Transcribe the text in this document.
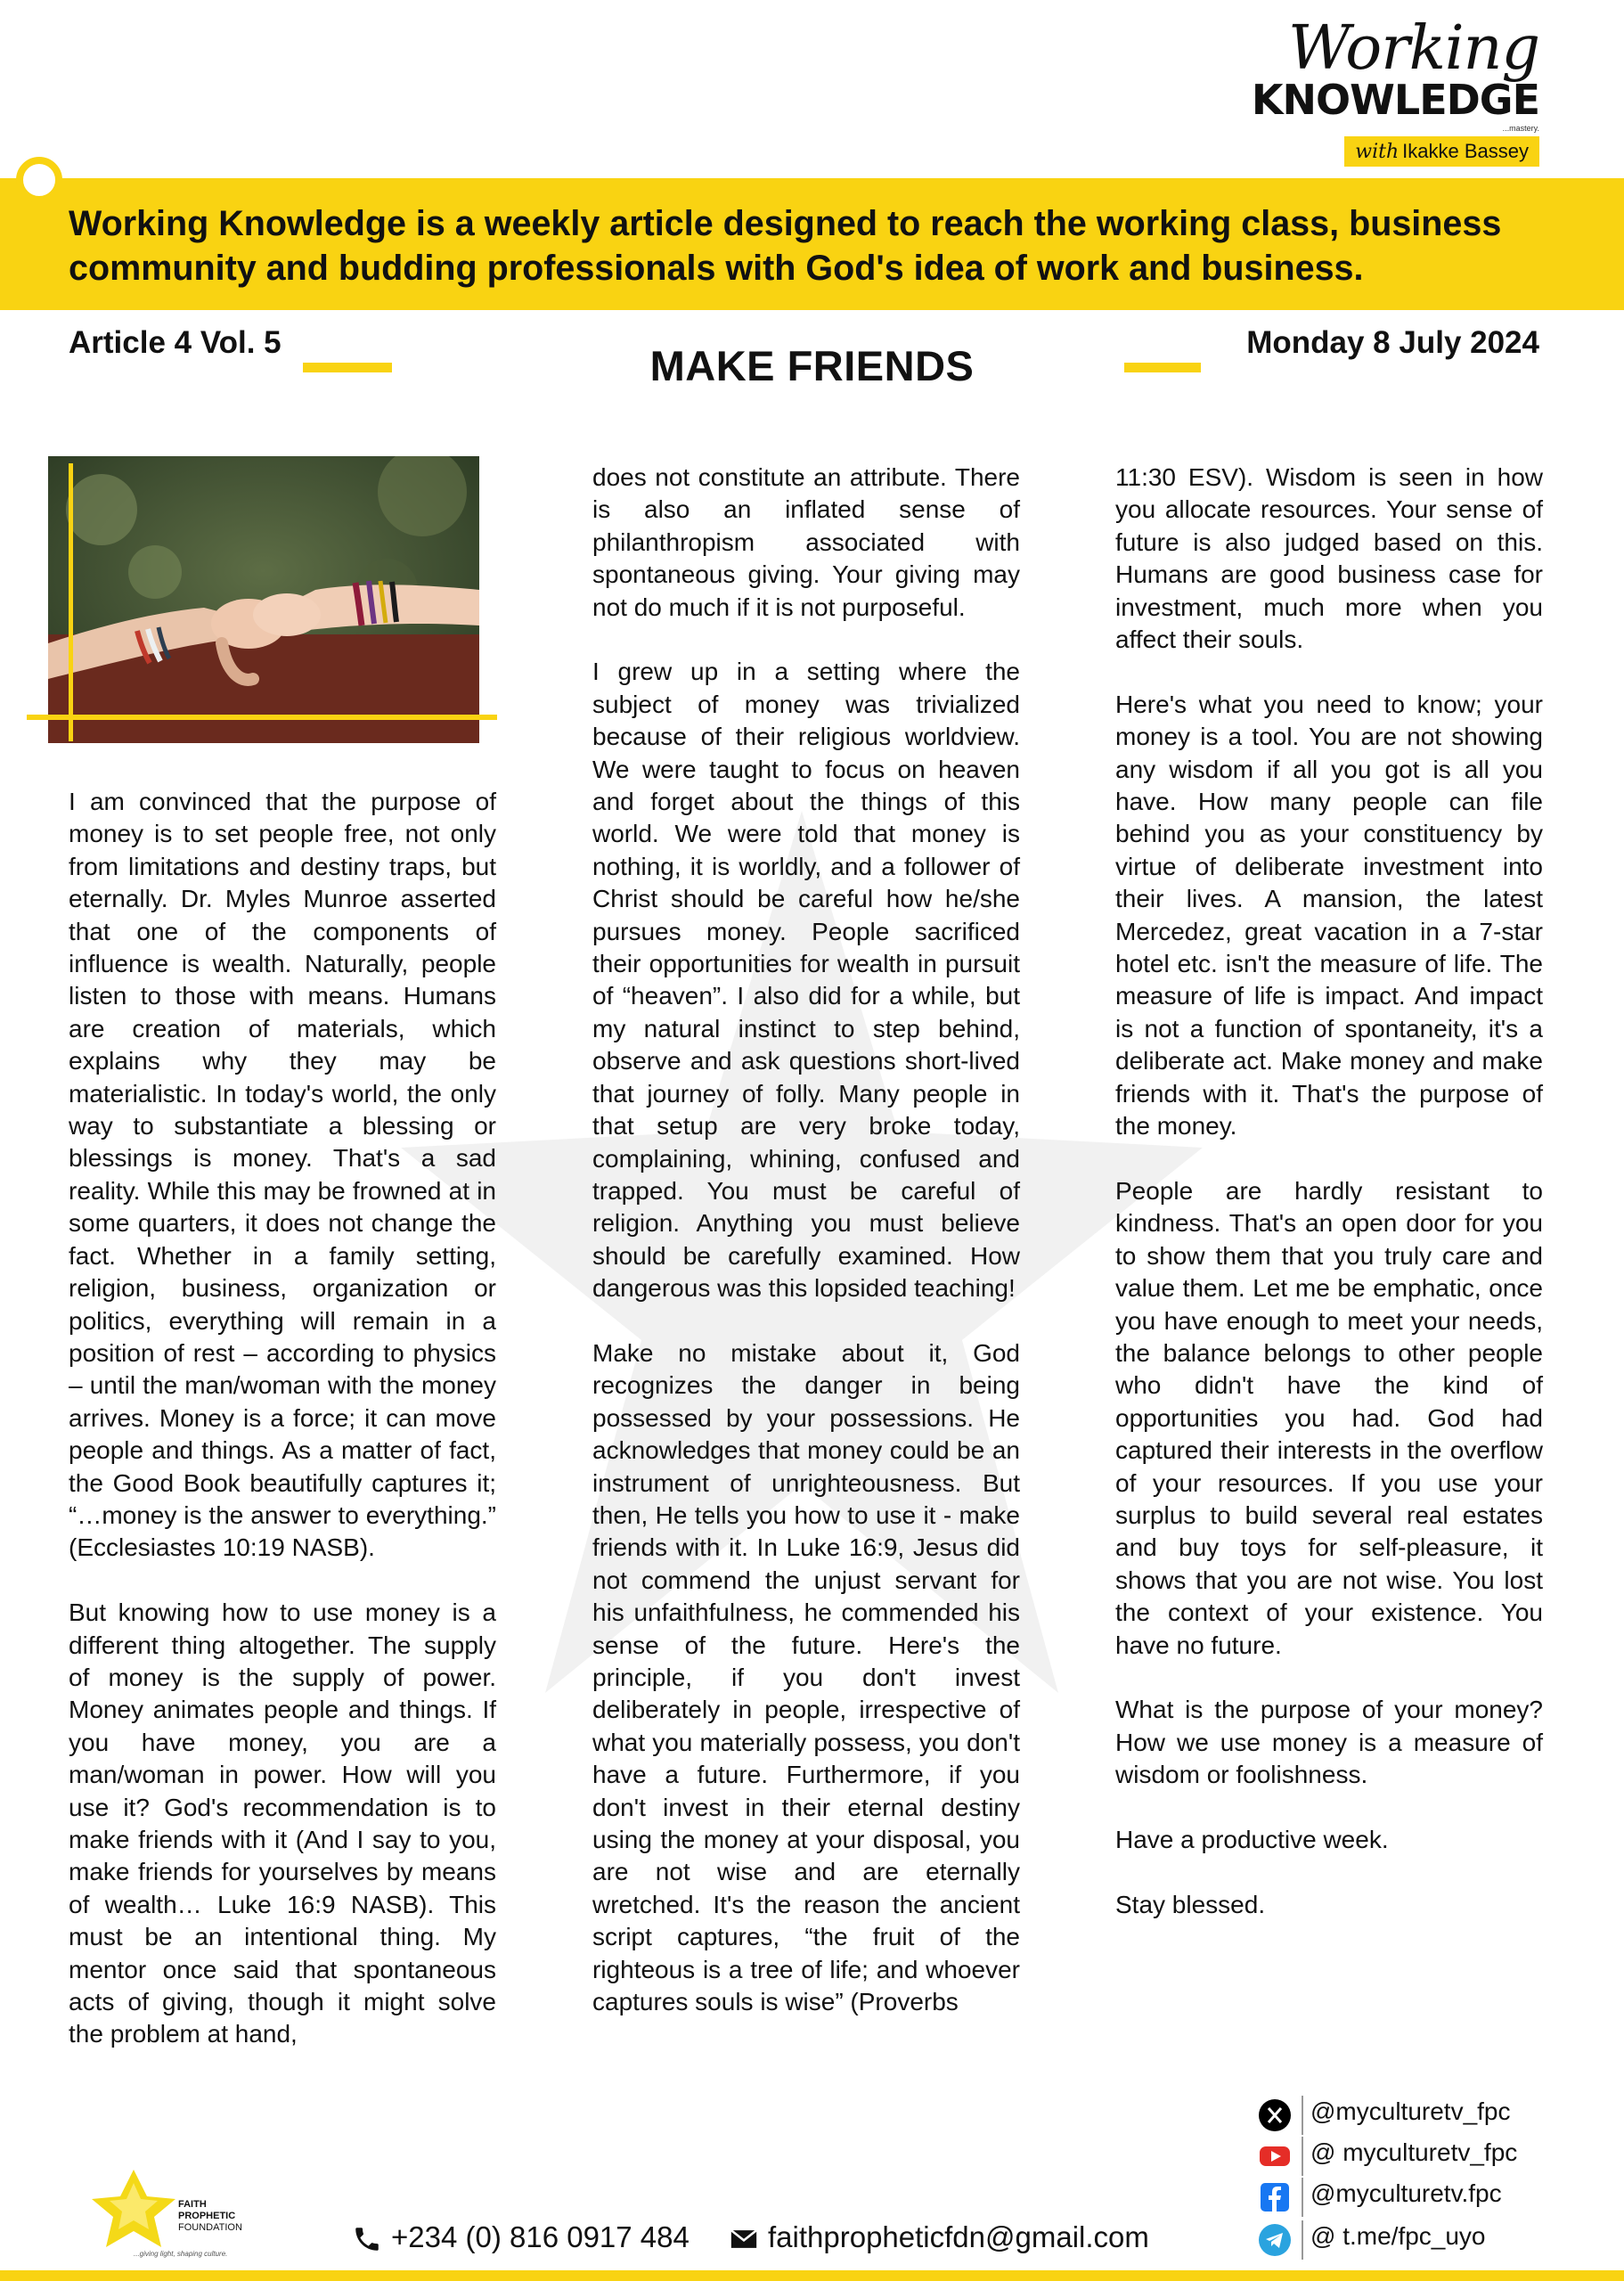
Working
KNOWLEDGE
...mastery.
with Ikakke Bassey
Working Knowledge is a weekly article designed to reach the working class, business community and budding professionals with God's idea of work and business.
Article 4 Vol. 5	MAKE FRIENDS	Monday 8 July 2024

I am convinced that the purpose of money is to set people free, not only from limitations and destiny traps, but eternally. Dr. Myles Munroe asserted that one of the components of influence is wealth. Naturally, people listen to those with means. Humans are creation of materials, which explains why they may be materialistic. In today's world, the only way to substantiate a blessing or blessings is money. That's a sad reality. While this may be frowned at in some quarters, it does not change the fact. Whether in a family setting, religion, business, organization or politics, everything will remain in a position of rest – according to physics – until the man/woman with the money arrives. Money is a force; it can move people and things. As a matter of fact, the Good Book beautifully captures it; “…money is the answer to everything.” (Ecclesiastes 10:19 NASB).

But knowing how to use money is a different thing altogether. The supply of money is the supply of power. Money animates people and things. If you have money, you are a man/woman in power. How will you use it? God's recommendation is to make friends with it (And I say to you, make friends for yourselves by means of wealth… Luke 16:9 NASB). This must be an intentional thing. My mentor once said that spontaneous acts of giving, though it might solve the problem at hand,

does not constitute an attribute. There is also an inflated sense of philanthropism associated with spontaneous giving. Your giving may not do much if it is not purposeful.

I grew up in a setting where the subject of money was trivialized because of their religious worldview. We were taught to focus on heaven and forget about the things of this world. We were told that money is nothing, it is worldly, and a follower of Christ should be careful how he/she pursues money. People sacrificed their opportunities for wealth in pursuit of “heaven”. I also did for a while, but my natural instinct to step behind, observe and ask questions short-lived that journey of folly. Many people in that setup are very broke today, complaining, whining, confused and trapped. You must be careful of religion. Anything you must believe should be carefully examined. How dangerous was this lopsided teaching!

Make no mistake about it, God recognizes the danger in being possessed by your possessions. He acknowledges that money could be an instrument of unrighteousness. But then, He tells you how to use it - make friends with it. In Luke 16:9, Jesus did not commend the unjust servant for his unfaithfulness, he commended his sense of the future. Here's the principle, if you don't invest deliberately in people, irrespective of what you materially possess, you don't have a future. Furthermore, if you don't invest in their eternal destiny using the money at your disposal, you are not wise and are eternally wretched. It's the reason the ancient script captures, “the fruit of the righteous is a tree of life; and whoever captures souls is wise” (Proverbs

11:30 ESV). Wisdom is seen in how you allocate resources. Your sense of future is also judged based on this. Humans are good business case for investment, much more when you affect their souls.

Here's what you need to know; your money is a tool. You are not showing any wisdom if all you got is all you have. How many people can file behind you as your constituency by virtue of deliberate investment into their lives. A mansion, the latest Mercedez, great vacation in a 7-star hotel etc. isn't the measure of life. The measure of life is impact. And impact is not a function of spontaneity, it's a deliberate act. Make money and make friends with it. That's the purpose of the money.

People are hardly resistant to kindness. That's an open door for you to show them that you truly care and value them. Let me be emphatic, once you have enough to meet your needs, the balance belongs to other people who didn't have the kind of opportunities you had. God had captured their interests in the overflow of your resources. If you use your surplus to build several real estates and buy toys for self-pleasure, it shows that you are not wise. You lost the context of your existence. You have no future.

What is the purpose of your money? How we use money is a measure of wisdom or foolishness.

Have a productive week.

Stay blessed.

@myculturetv_fpc
@ myculturetv_fpc
@myculturetv.fpc
@ t.me/fpc_uyo
FAITH
PROPHETIC
FOUNDATION
...giving light, shaping culture.
+234 (0) 816 0917 484	faithpropheticfdn@gmail.com
